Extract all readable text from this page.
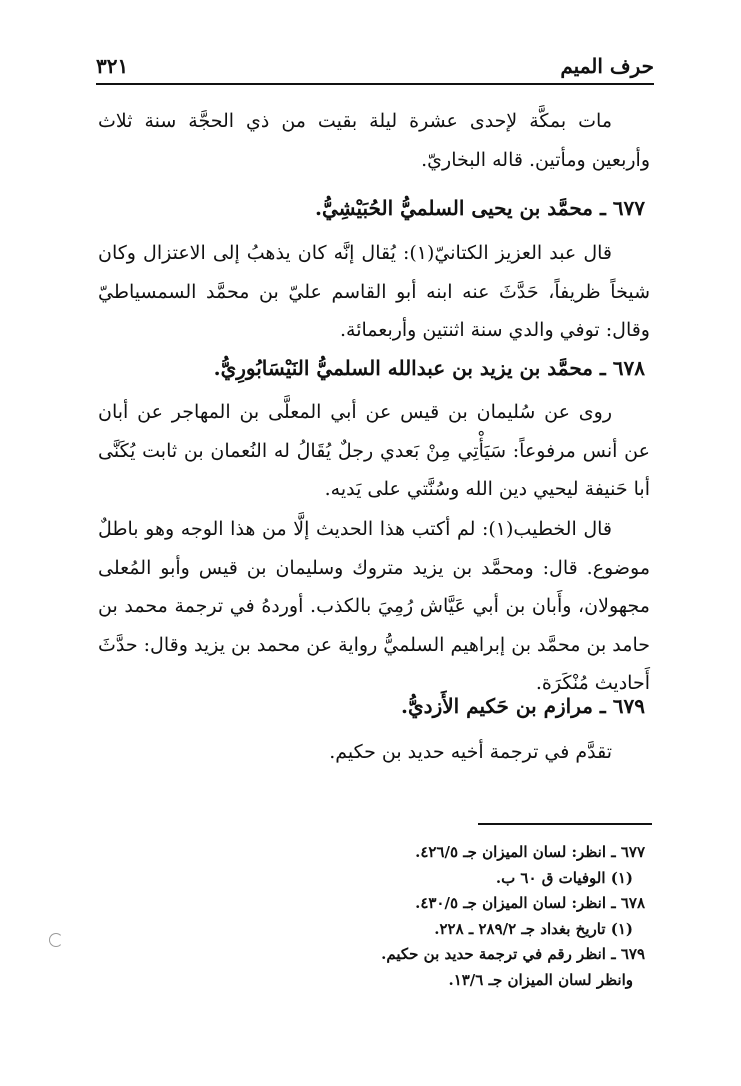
حرف الميم
٣٢١

مات بمكَّة لإحدى عشرة ليلة بقيت من ذي الحجَّة سنة ثلاث وأربعين ومأتين. قاله البخاريّ.

٦٧٧ ـ محمَّد بن يحيى السلميُّ الحُبَيْشِيُّ.

قال عبد العزيز الكتانيّ(١): يُقال إنَّه كان يذهبُ إلى الاعتزال وكان شيخاً ظريفاً، حَدَّثَ عنه ابنه أبو القاسم عليّ بن محمَّد السمسياطيّ وقال: توفي والدي سنة اثنتين وأربعمائة.

٦٧٨ ـ محمَّد بن يزيد بن عبدالله السلميُّ النَيْسَابُورِيُّ.

روى عن سُليمان بن قيس عن أبي المعلَّى بن المهاجر عن أبان عن أنس مرفوعاً: سَيَأْتِي مِنْ بَعدي رجلٌ يُقَالُ له النُعمان بن ثابت يُكَنَّى أبا حَنيفة ليحيي دين الله وسُنَّتي على يَديه.

قال الخطيب(١): لم أكتب هذا الحديث إلَّا من هذا الوجه وهو باطلٌ موضوع. قال: ومحمَّد بن يزيد متروك وسليمان بن قيس وأبو المُعلى مجهولان، وأَبان بن أبي عَيَّاش رُمِيَ بالكذب. أوردهُ في ترجمة محمد بن حامد بن محمَّد بن إبراهيم السلميُّ رواية عن محمد بن يزيد وقال: حدَّثَ أَحاديث مُنْكَرَة.

٦٧٩ ـ مرازم بن حَكيم الأَزديُّ.

تقدَّم في ترجمة أخيه حديد بن حكيم.

٦٧٧ ـ انظر: لسان الميزان جـ ٤٢٦/٥.
(١) الوفيات ق ٦٠ ب.
٦٧٨ ـ انظر: لسان الميزان جـ ٤٣٠/٥.
(١) تاريخ بغداد جـ ٢٨٩/٢ ـ ٢٢٨.
٦٧٩ ـ انظر رقم في ترجمة حديد بن حكيم.
وانظر لسان الميزان جـ ١٣/٦.
